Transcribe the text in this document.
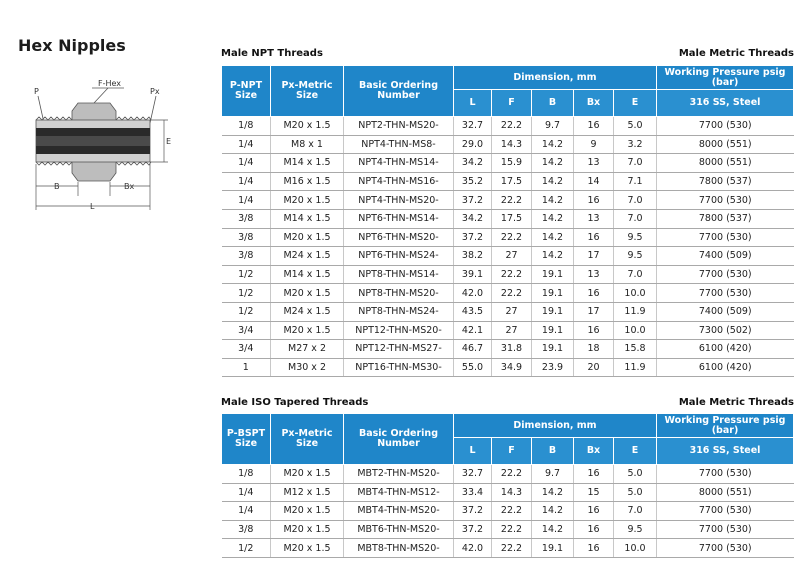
Hex Nipples
P
F-Hex
Px
E
B	Bx
L
Male NPT Threads	Male Metric Threads
P-NPT Size	Px-Metric Size	Basic Ordering Number	Dimension, mm					Working Pressure psig (bar)
			L	F	B	Bx	E	316 SS, Steel
1/8	M20 x 1.5	NPT2-THN-MS20-	32.7	22.2	9.7	16	5.0	7700 (530)
1/4	M8 x 1	NPT4-THN-MS8-	29.0	14.3	14.2	9	3.2	8000 (551)
1/4	M14 x 1.5	NPT4-THN-MS14-	34.2	15.9	14.2	13	7.0	8000 (551)
1/4	M16 x 1.5	NPT4-THN-MS16-	35.2	17.5	14.2	14	7.1	7800 (537)
1/4	M20 x 1.5	NPT4-THN-MS20-	37.2	22.2	14.2	16	7.0	7700 (530)
3/8	M14 x 1.5	NPT6-THN-MS14-	34.2	17.5	14.2	13	7.0	7800 (537)
3/8	M20 x 1.5	NPT6-THN-MS20-	37.2	22.2	14.2	16	9.5	7700 (530)
3/8	M24 x 1.5	NPT6-THN-MS24-	38.2	27	14.2	17	9.5	7400 (509)
1/2	M14 x 1.5	NPT8-THN-MS14-	39.1	22.2	19.1	13	7.0	7700 (530)
1/2	M20 x 1.5	NPT8-THN-MS20-	42.0	22.2	19.1	16	10.0	7700 (530)
1/2	M24 x 1.5	NPT8-THN-MS24-	43.5	27	19.1	17	11.9	7400 (509)
3/4	M20 x 1.5	NPT12-THN-MS20-	42.1	27	19.1	16	10.0	7300 (502)
3/4	M27 x 2	NPT12-THN-MS27-	46.7	31.8	19.1	18	15.8	6100 (420)
1	M30 x 2	NPT16-THN-MS30-	55.0	34.9	23.9	20	11.9	6100 (420)
Male ISO Tapered Threads	Male Metric Threads
P-BSPT Size	Px-Metric Size	Basic Ordering Number	Dimension, mm					Working Pressure psig (bar)
			L	F	B	Bx	E	316 SS, Steel
1/8	M20 x 1.5	MBT2-THN-MS20-	32.7	22.2	9.7	16	5.0	7700 (530)
1/4	M12 x 1.5	MBT4-THN-MS12-	33.4	14.3	14.2	15	5.0	8000 (551)
1/4	M20 x 1.5	MBT4-THN-MS20-	37.2	22.2	14.2	16	7.0	7700 (530)
3/8	M20 x 1.5	MBT6-THN-MS20-	37.2	22.2	14.2	16	9.5	7700 (530)
1/2	M20 x 1.5	MBT8-THN-MS20-	42.0	22.2	19.1	16	10.0	7700 (530)
